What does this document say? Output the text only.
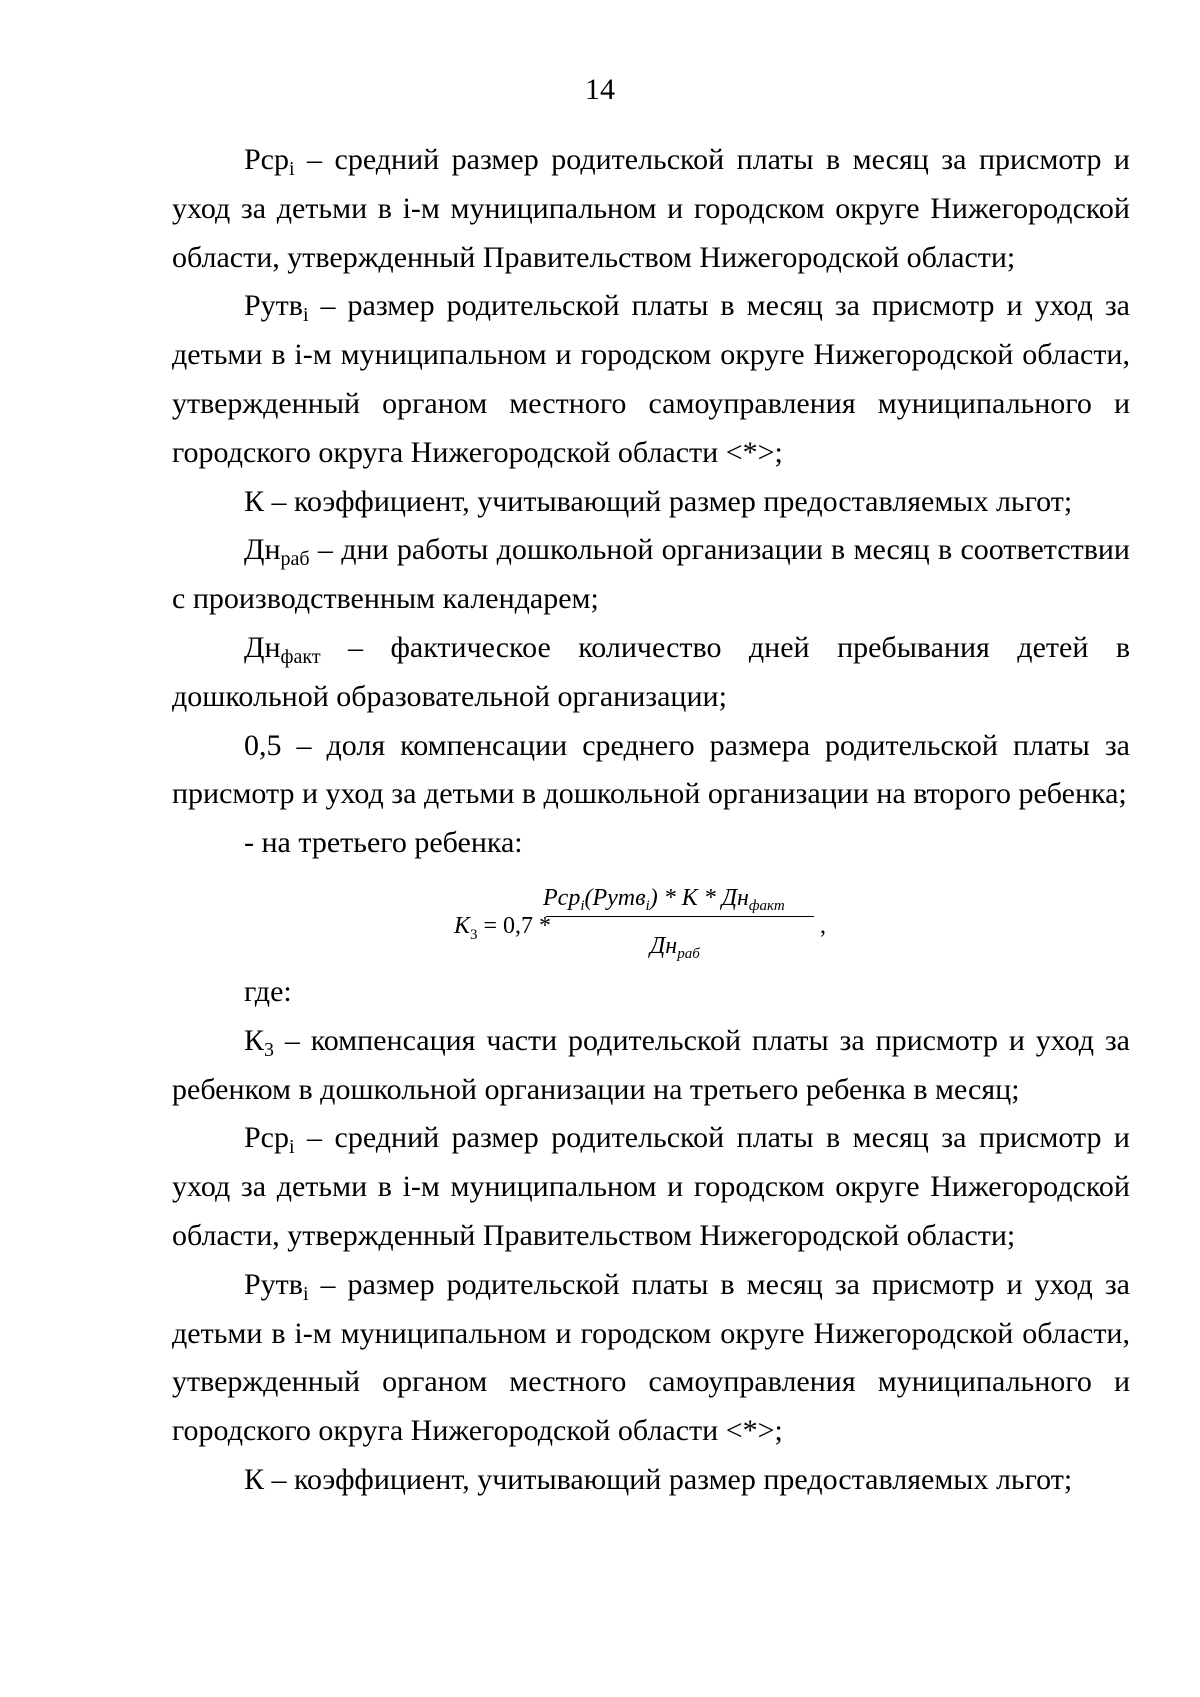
14

Рср$_i$ – средний размер родительской платы в месяц за присмотр и уход за детьми в i-м муниципальном и городском округе Нижегородской области, утвержденный Правительством Нижегородской области;

Рутв$_i$ – размер родительской платы в месяц за присмотр и уход за детьми в i-м муниципальном и городском округе Нижегородской области, утвержденный органом местного самоуправления муниципального и городского округа Нижегородской области <*>;

К – коэффициент, учитывающий размер предоставляемых льгот;

$Дн_{раб}$ – дни работы дошкольной организации в месяц в соответствии с производственным календарем;

$Дн_{факт}$ – фактическое количество дней пребывания детей в дошкольной образовательной организации;

0,5 – доля компенсации среднего размера родительской платы за присмотр и уход за детьми в дошкольной организации на второго ребенка;

- на третьего ребенка:

$K_3 = 0,7$ *
Рср$_i$(Рутв$_i$) * K * $Дн_{факт}$
$Дн_{раб}$
,

где:

$К_3$ – компенсация части родительской платы за присмотр и уход за ребенком в дошкольной организации на третьего ребенка в месяц;

Рср$_i$ – средний размер родительской платы в месяц за присмотр и уход за детьми в i-м муниципальном и городском округе Нижегородской области, утвержденный Правительством Нижегородской области;

Рутв$_i$ – размер родительской платы в месяц за присмотр и уход за детьми в i-м муниципальном и городском округе Нижегородской области, утвержденный органом местного самоуправления муниципального и городского округа Нижегородской области <*>;

К – коэффициент, учитывающий размер предоставляемых льгот;
